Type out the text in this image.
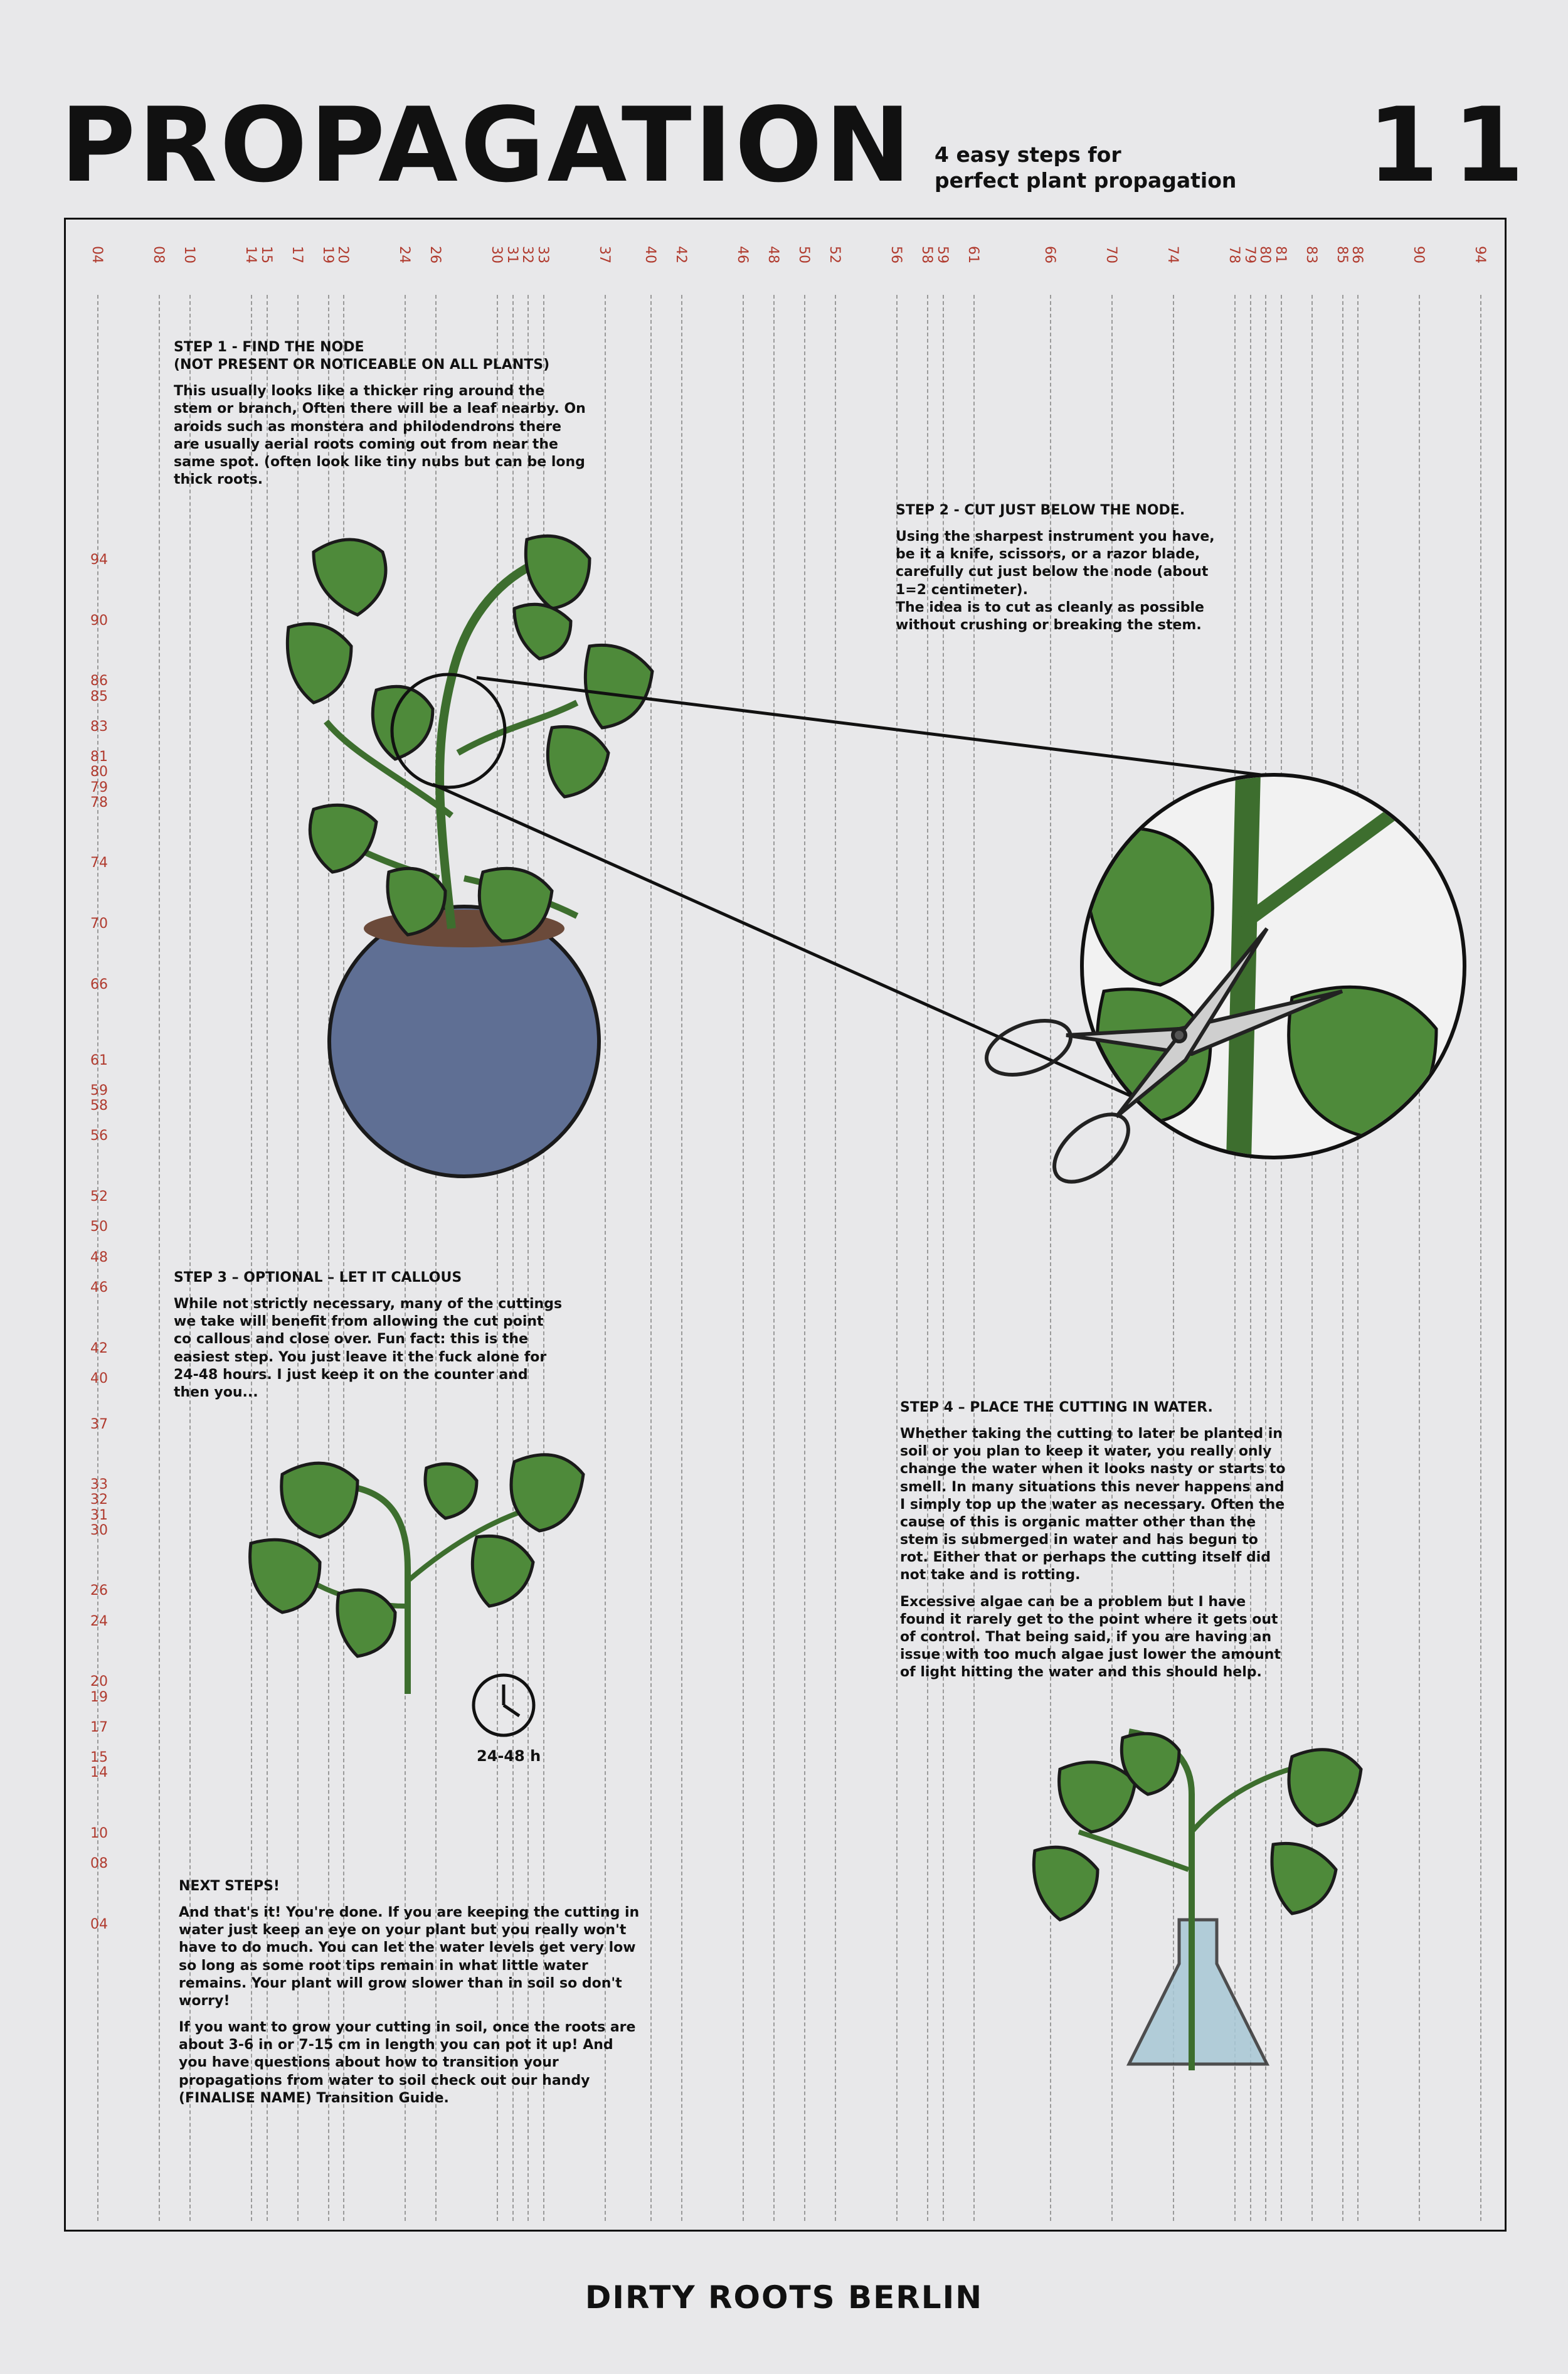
PROPAGATION 4 easy steps for
perfect plant propagation 11
04	08 10	14 15 17 19 20	24 26	30 31 32 33	37 40 42	46 48 50 52	56 58 59 61	66	70	74	78 79 80 81 83 85 86	90	94
94
90
86
85
83
81
80
79
78
74
70
66
61
59
58
56
52
50
48
46
42
40
37
33
32
31
30
26
24
20
19
17
15
14
10
08
04
24-48 h
STEP 1 - FIND THE NODE
(NOT PRESENT OR NOTICEABLE ON ALL PLANTS)

This usually looks like a thicker ring around the stem or branch, Often there will be a leaf nearby. On aroids such as monstera and philodendrons there are usually aerial roots coming out from near the same spot. (often look like tiny nubs but can be long thick roots.

STEP 2 - CUT JUST BELOW THE NODE.

Using the sharpest instrument you have, be it a knife, scissors, or a razor blade, carefully cut just below the node (about 1=2 centimeter).
The idea is to cut as cleanly as possible without crushing or breaking the stem.

STEP 3 – OPTIONAL – LET IT CALLOUS

While not strictly necessary, many of the cuttings we take will benefit from allowing the cut point co callous and close over. Fun fact: this is the easiest step. You just leave it the fuck alone for 24-48 hours. I just keep it on the counter and then you...

STEP 4 – PLACE THE CUTTING IN WATER.

Whether taking the cutting to later be planted in soil or you plan to keep it water, you really only change the water when it looks nasty or starts to smell. In many situations this never happens and I simply top up the water as necessary. Often the cause of this is organic matter other than the stem is submerged in water and has begun to rot. Either that or perhaps the cutting itself did not take and is rotting.

Excessive algae can be a problem but I have found it rarely get to the point where it gets out of control. That being said, if you are having an issue with too much algae just lower the amount of light hitting the water and this should help.

NEXT STEPS!

And that's it! You're done. If you are keeping the cutting in water just keep an eye on your plant but you really won't have to do much. You can let the water levels get very low so long as some root tips remain in what little water remains. Your plant will grow slower than in soil so don't worry!

If you want to grow your cutting in soil, once the roots are about 3-6 in or 7-15 cm in length you can pot it up! And you have questions about how to transition your propagations from water to soil check out our handy (FINALISE NAME) Transition Guide.

DIRTY ROOTS BERLIN
